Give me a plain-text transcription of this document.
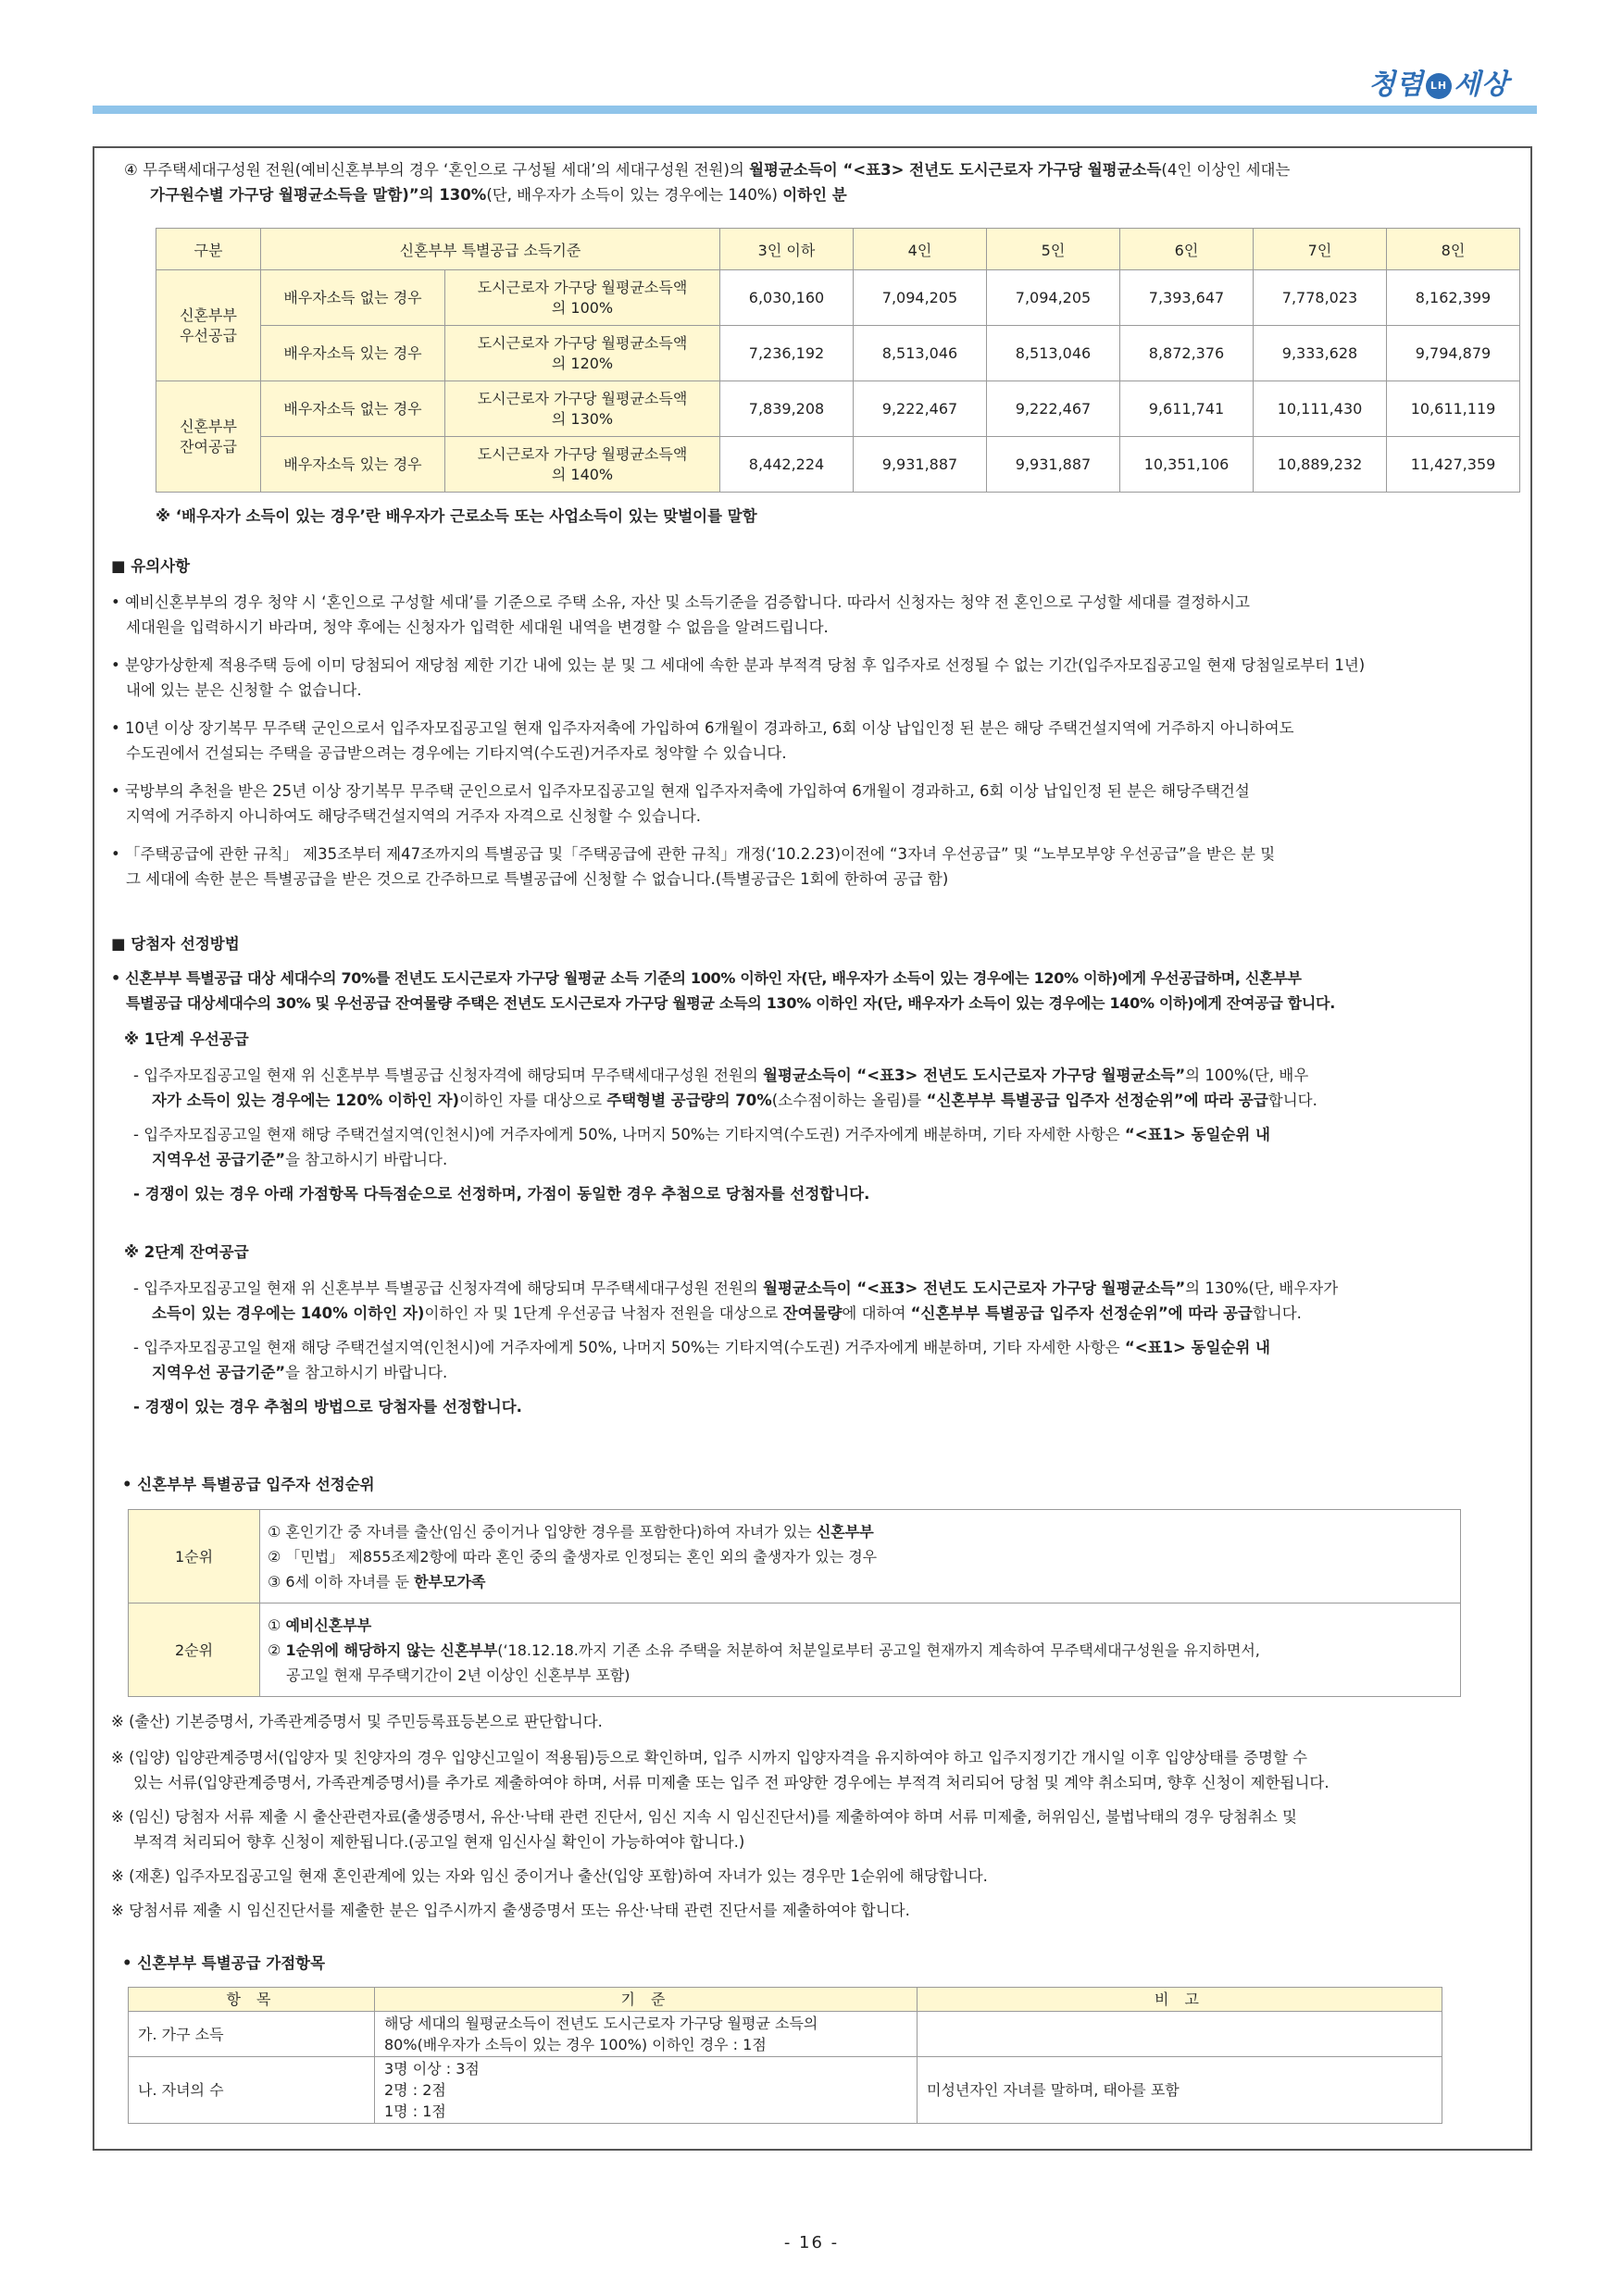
청렴 LH 세상

④ 무주택세대구성원 전원(예비신혼부부의 경우 ‘혼인으로 구성될 세대’의 세대구성원 전원)의 월평균소득이 “<표3> 전년도 도시근로자 가구당 월평균소득(4인 이상인 세대는

가구원수별 가구당 월평균소득을 말함)”의 130%(단, 배우자가 소득이 있는 경우에는 140%) 이하인 분

구분	신혼부부 특별공급 소득기준		3인 이하	4인	5인	6인	7인	8인
신혼부부 우선공급	배우자소득 없는 경우	도시근로자 가구당 월평균소득액의 100%	6,030,160	7,094,205	7,094,205	7,393,647	7,778,023	8,162,399
	배우자소득 있는 경우	도시근로자 가구당 월평균소득액의 120%	7,236,192	8,513,046	8,513,046	8,872,376	9,333,628	9,794,879
신혼부부 잔여공급	배우자소득 없는 경우	도시근로자 가구당 월평균소득액의 130%	7,839,208	9,222,467	9,222,467	9,611,741	10,111,430	10,611,119
	배우자소득 있는 경우	도시근로자 가구당 월평균소득액의 140%	8,442,224	9,931,887	9,931,887	10,351,106	10,889,232	11,427,359

※ ‘배우자가 소득이 있는 경우’란 배우자가 근로소득 또는 사업소득이 있는 맞벌이를 말함

■ 유의사항

• 예비신혼부부의 경우 청약 시 ‘혼인으로 구성할 세대’를 기준으로 주택 소유, 자산 및 소득기준을 검증합니다. 따라서 신청자는 청약 전 혼인으로 구성할 세대를 결정하시고

세대원을 입력하시기 바라며, 청약 후에는 신청자가 입력한 세대원 내역을 변경할 수 없음을 알려드립니다.

• 분양가상한제 적용주택 등에 이미 당첨되어 재당첨 제한 기간 내에 있는 분 및 그 세대에 속한 분과 부적격 당첨 후 입주자로 선정될 수 없는 기간(입주자모집공고일 현재 당첨일로부터 1년)

내에 있는 분은 신청할 수 없습니다.

• 10년 이상 장기복무 무주택 군인으로서 입주자모집공고일 현재 입주자저축에 가입하여 6개월이 경과하고, 6회 이상 납입인정 된 분은 해당 주택건설지역에 거주하지 아니하여도

수도권에서 건설되는 주택을 공급받으려는 경우에는 기타지역(수도권)거주자로 청약할 수 있습니다.

• 국방부의 추천을 받은 25년 이상 장기복무 무주택 군인으로서 입주자모집공고일 현재 입주자저축에 가입하여 6개월이 경과하고, 6회 이상 납입인정 된 분은 해당주택건설

지역에 거주하지 아니하여도 해당주택건설지역의 거주자 자격으로 신청할 수 있습니다.

• 「주택공급에 관한 규칙」 제35조부터 제47조까지의 특별공급 및「주택공급에 관한 규칙」개정(‘10.2.23)이전에 “3자녀 우선공급” 및 “노부모부양 우선공급”을 받은 분 및

그 세대에 속한 분은 특별공급을 받은 것으로 간주하므로 특별공급에 신청할 수 없습니다.(특별공급은 1회에 한하여 공급 함)

■ 당첨자 선정방법

• 신혼부부 특별공급 대상 세대수의 70%를 전년도 도시근로자 가구당 월평균 소득 기준의 100% 이하인 자(단, 배우자가 소득이 있는 경우에는 120% 이하)에게 우선공급하며, 신혼부부

특별공급 대상세대수의 30% 및 우선공급 잔여물량 주택은 전년도 도시근로자 가구당 월평균 소득의 130% 이하인 자(단, 배우자가 소득이 있는 경우에는 140% 이하)에게 잔여공급 합니다.

※ 1단계 우선공급

- 입주자모집공고일 현재 위 신혼부부 특별공급 신청자격에 해당되며 무주택세대구성원 전원의 월평균소득이 “<표3> 전년도 도시근로자 가구당 월평균소득”의 100%(단, 배우

자가 소득이 있는 경우에는 120% 이하인 자)이하인 자를 대상으로 주택형별 공급량의 70%(소수점이하는 올림)를 “신혼부부 특별공급 입주자 선정순위”에 따라 공급합니다.

- 입주자모집공고일 현재 해당 주택건설지역(인천시)에 거주자에게 50%, 나머지 50%는 기타지역(수도권) 거주자에게 배분하며, 기타 자세한 사항은 “<표1> 동일순위 내

지역우선 공급기준”을 참고하시기 바랍니다.

- 경쟁이 있는 경우 아래 가점항목 다득점순으로 선정하며, 가점이 동일한 경우 추첨으로 당첨자를 선정합니다.

※ 2단계 잔여공급

- 입주자모집공고일 현재 위 신혼부부 특별공급 신청자격에 해당되며 무주택세대구성원 전원의 월평균소득이 “<표3> 전년도 도시근로자 가구당 월평균소득”의 130%(단, 배우자가

소득이 있는 경우에는 140% 이하인 자)이하인 자 및 1단계 우선공급 낙첨자 전원을 대상으로 잔여물량에 대하여 “신혼부부 특별공급 입주자 선정순위”에 따라 공급합니다.

- 입주자모집공고일 현재 해당 주택건설지역(인천시)에 거주자에게 50%, 나머지 50%는 기타지역(수도권) 거주자에게 배분하며, 기타 자세한 사항은 “<표1> 동일순위 내

지역우선 공급기준”을 참고하시기 바랍니다.

- 경쟁이 있는 경우 추첨의 방법으로 당첨자를 선정합니다.

• 신혼부부 특별공급 입주자 선정순위

1순위	① 혼인기간 중 자녀를 출산(임신 중이거나 입양한 경우를 포함한다)하여 자녀가 있는 신혼부부
② 「민법」 제855조제2항에 따라 혼인 중의 출생자로 인정되는 혼인 외의 출생자가 있는 경우
③ 6세 이하 자녀를 둔 한부모가족

2순위	① 예비신혼부부
② 1순위에 해당하지 않는 신혼부부(‘18.12.18.까지 기존 소유 주택을 처분하여 처분일로부터 공고일 현재까지 계속하여 무주택세대구성원을 유지하면서,
공고일 현재 무주택기간이 2년 이상인 신혼부부 포함)

※ (출산) 기본증명서, 가족관계증명서 및 주민등록표등본으로 판단합니다.

※ (입양) 입양관계증명서(입양자 및 친양자의 경우 입양신고일이 적용됨)등으로 확인하며, 입주 시까지 입양자격을 유지하여야 하고 입주지정기간 개시일 이후 입양상태를 증명할 수

있는 서류(입양관계증명서, 가족관계증명서)를 추가로 제출하여야 하며, 서류 미제출 또는 입주 전 파양한 경우에는 부적격 처리되어 당첨 및 계약 취소되며, 향후 신청이 제한됩니다.

※ (임신) 당첨자 서류 제출 시 출산관련자료(출생증명서, 유산·낙태 관련 진단서, 임신 지속 시 임신진단서)를 제출하여야 하며 서류 미제출, 허위임신, 불법낙태의 경우 당첨취소 및

부적격 처리되어 향후 신청이 제한됩니다.(공고일 현재 임신사실 확인이 가능하여야 합니다.)

※ (재혼) 입주자모집공고일 현재 혼인관계에 있는 자와 임신 중이거나 출산(입양 포함)하여 자녀가 있는 경우만 1순위에 해당합니다.

※ 당첨서류 제출 시 임신진단서를 제출한 분은 입주시까지 출생증명서 또는 유산·낙태 관련 진단서를 제출하여야 합니다.

• 신혼부부 특별공급 가점항목

항 목	기 준	비 고
가. 가구 소득	해당 세대의 월평균소득이 전년도 도시근로자 가구당 월평균 소득의
80%(배우자가 소득이 있는 경우 100%) 이하인 경우 : 1점	

나. 자녀의 수	3명 이상 : 3점
2명 : 2점
1명 : 1점	미성년자인 자녀를 말하며, 태아를 포함
- 16 -
